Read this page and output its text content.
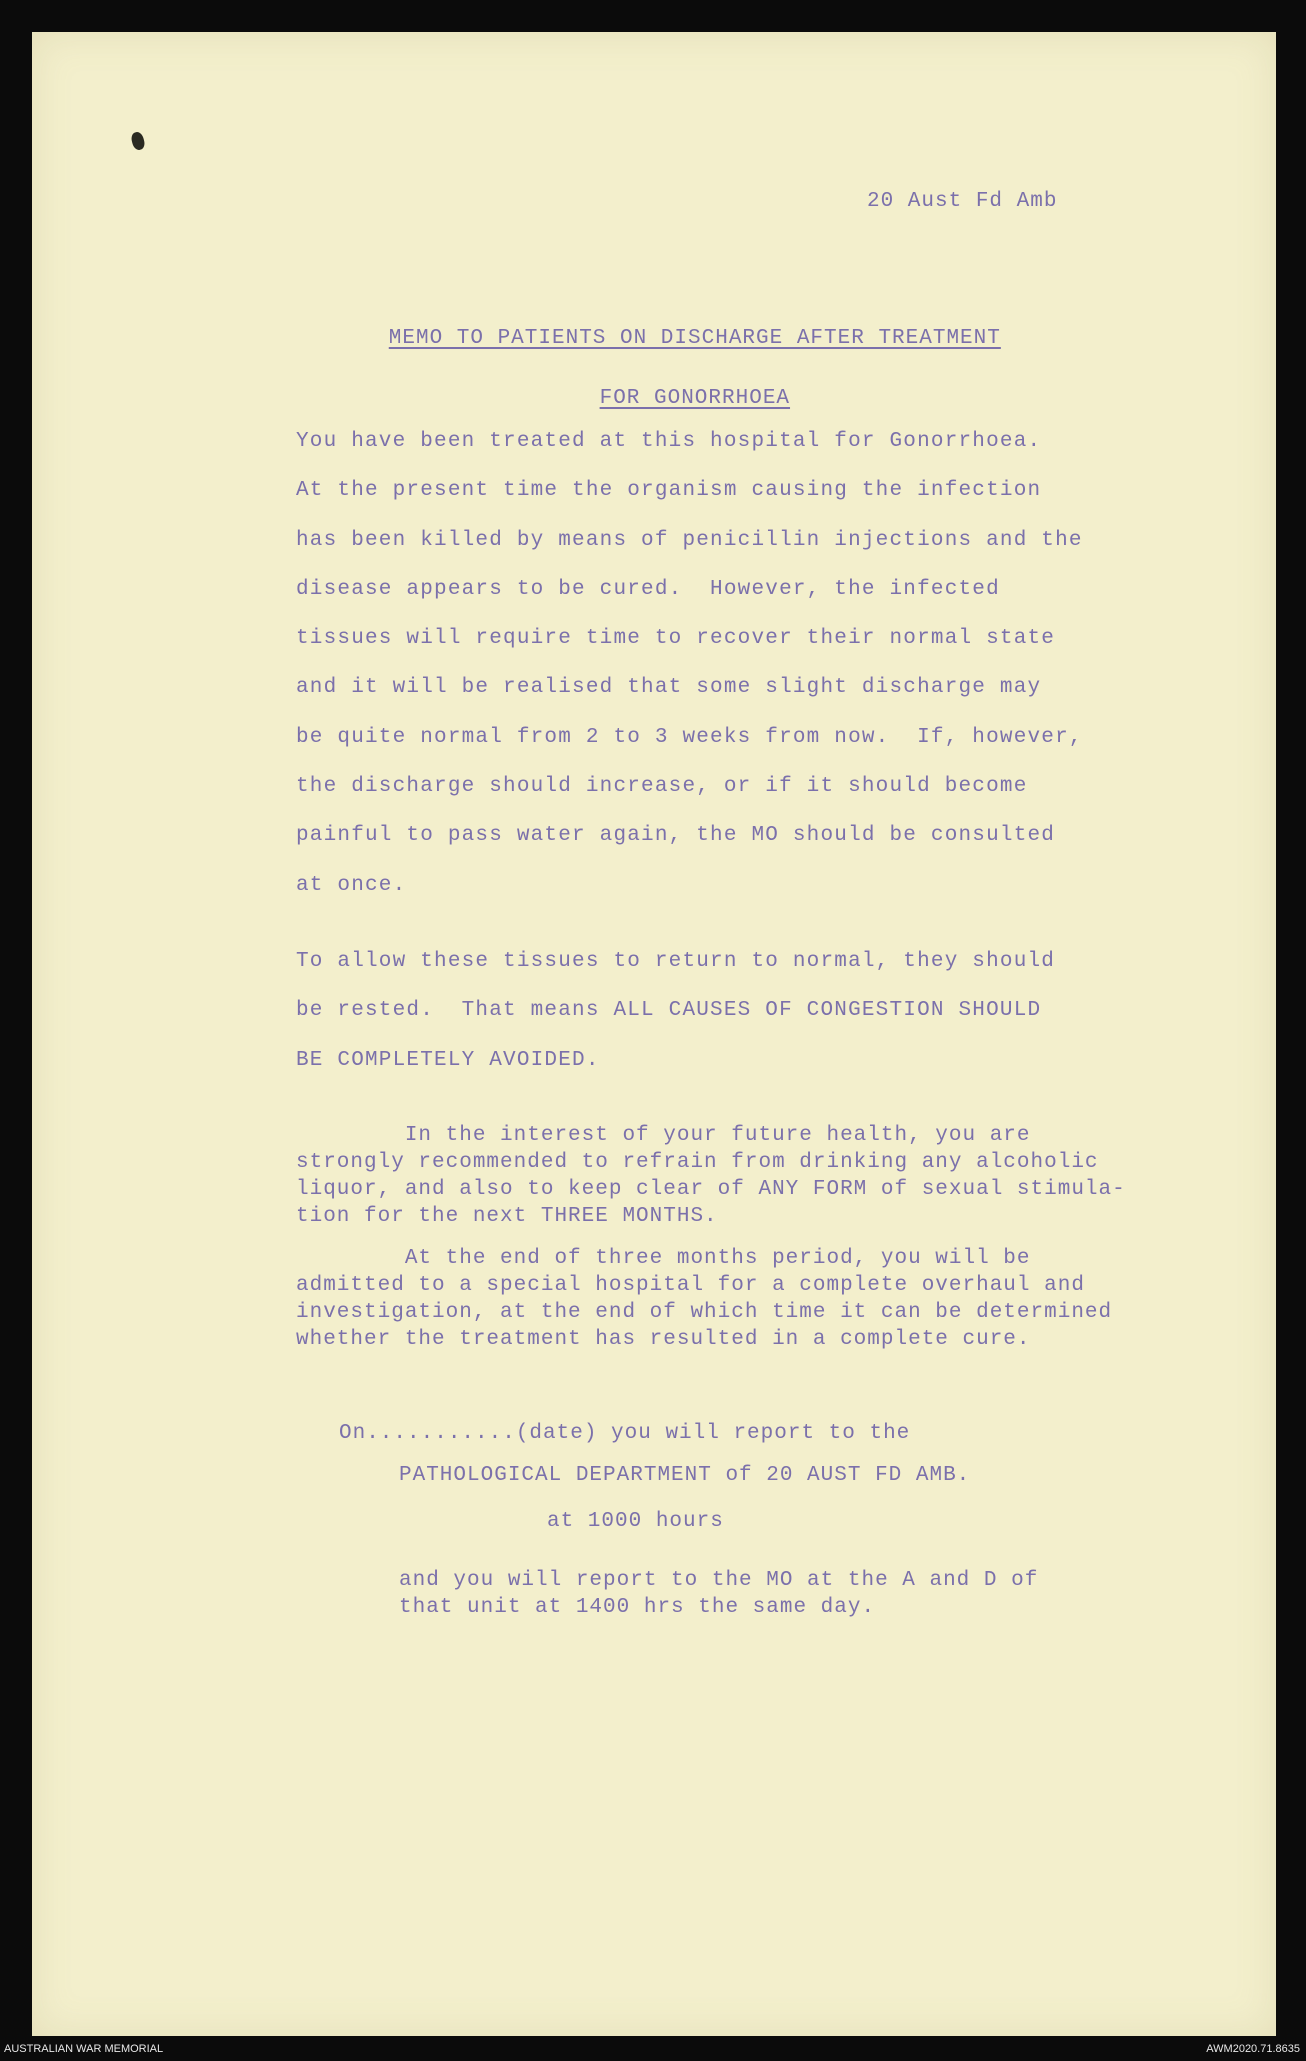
20 Aust Fd Amb

MEMO TO PATIENTS ON DISCHARGE AFTER TREATMENT

FOR GONORRHOEA

You have been treated at this hospital for Gonorrhoea.
At the present time the organism causing the infection
has been killed by means of penicillin injections and the
disease appears to be cured.  However, the infected
tissues will require time to recover their normal state
and it will be realised that some slight discharge may
be quite normal from 2 to 3 weeks from now.  If, however,
the discharge should increase, or if it should become
painful to pass water again, the MO should be consulted
at once.

To allow these tissues to return to normal, they should
be rested.  That means ALL CAUSES OF CONGESTION SHOULD
BE COMPLETELY AVOIDED.

In the interest of your future health, you are
strongly recommended to refrain from drinking any alcoholic
liquor, and also to keep clear of ANY FORM of sexual stimula-
tion for the next THREE MONTHS.

At the end of three months period, you will be
admitted to a special hospital for a complete overhaul and
investigation, at the end of which time it can be determined
whether the treatment has resulted in a complete cure.

On...........(date) you will report to the

PATHOLOGICAL DEPARTMENT of 20 AUST FD AMB.

at 1000 hours

and you will report to the MO at the A and D of
that unit at 1400 hrs the same day.

AUSTRALIAN WAR MEMORIAL	AWM2020.71.8635
